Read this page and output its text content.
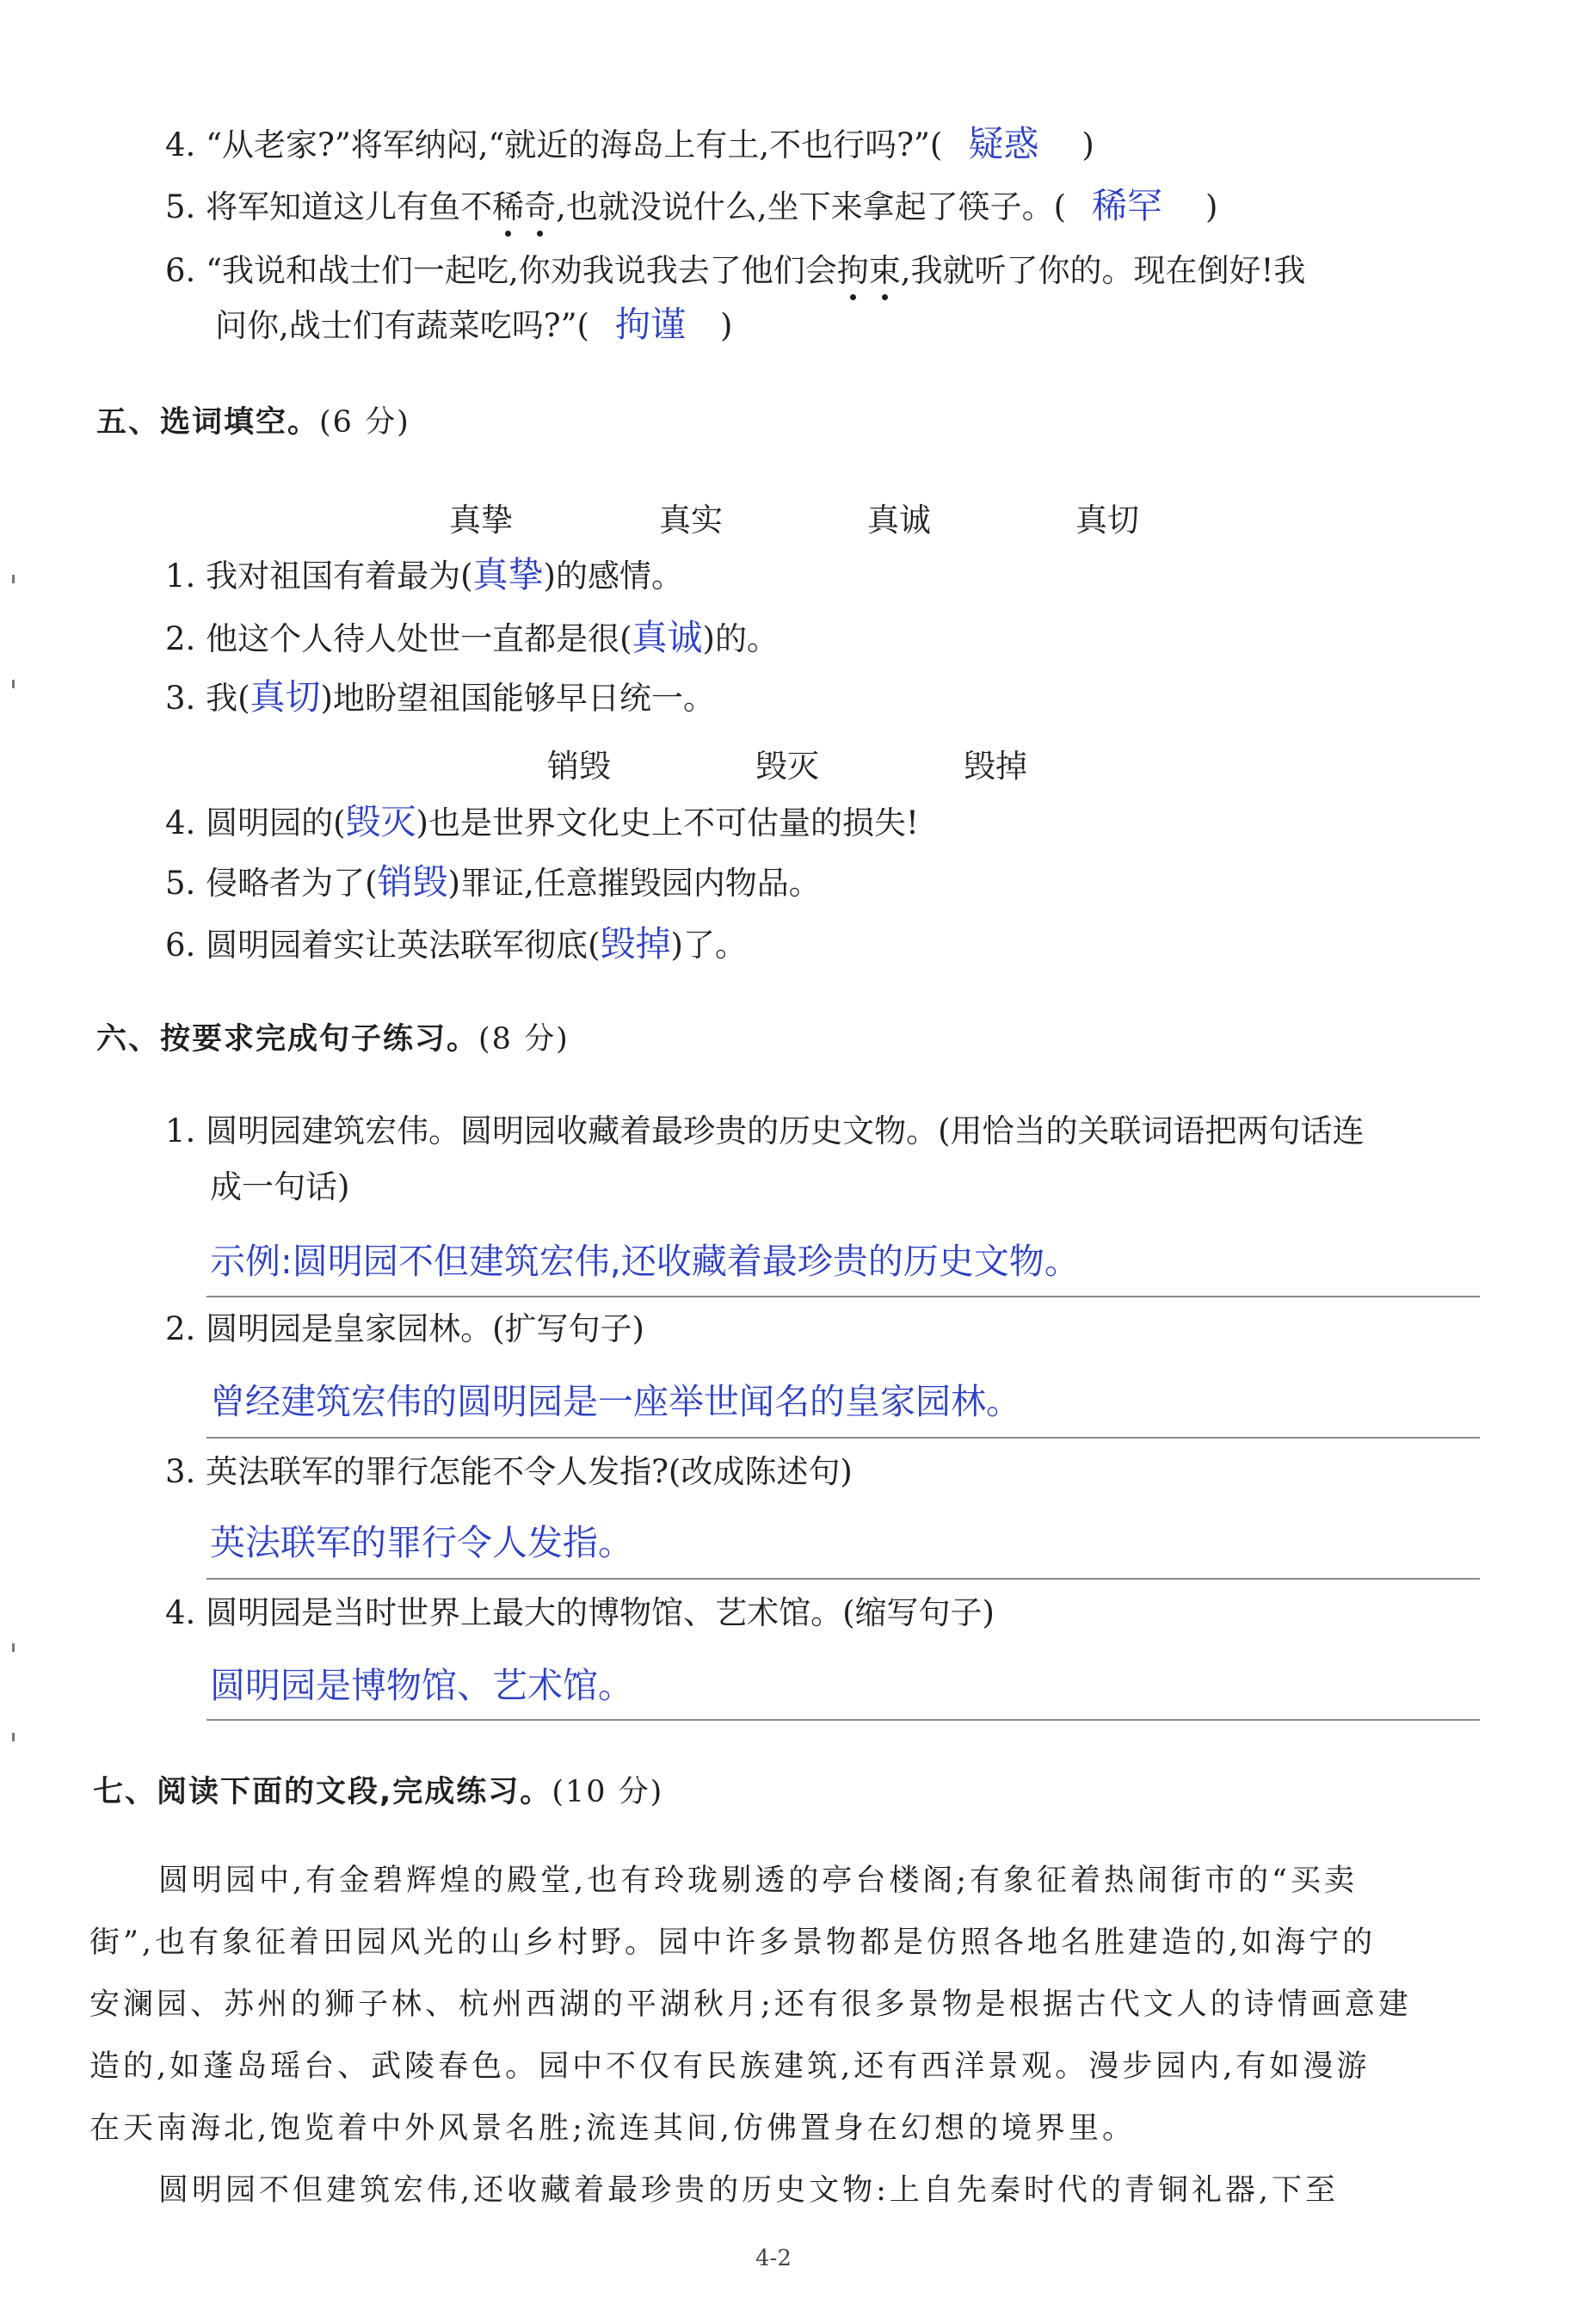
4. “从老家?”将军纳闷,“就近的海岛上有土,不也行吗?”( 疑惑 )
5. 将军知道这儿有鱼不稀奇,也就没说什么,坐下来拿起了筷子。( 稀罕 )
6. “我说和战士们一起吃,你劝我说我去了他们会拘束,我就听了你的。现在倒好!我
问你,战士们有蔬菜吃吗?”( 拘谨 )
五、选词填空。(6 分)
真挚	真实	真诚	真切
1. 我对祖国有着最为(真挚)的感情。
2. 他这个人待人处世一直都是很(真诚)的。
3. 我(真切)地盼望祖国能够早日统一。
销毁	毁灭	毁掉
4. 圆明园的(毁灭)也是世界文化史上不可估量的损失!
5. 侵略者为了(销毁)罪证,任意摧毁园内物品。
6. 圆明园着实让英法联军彻底(毁掉)了。
六、按要求完成句子练习。(8 分)
1. 圆明园建筑宏伟。圆明园收藏着最珍贵的历史文物。(用恰当的关联词语把两句话连
成一句话)
示例:圆明园不但建筑宏伟,还收藏着最珍贵的历史文物。
2. 圆明园是皇家园林。(扩写句子)
曾经建筑宏伟的圆明园是一座举世闻名的皇家园林。
3. 英法联军的罪行怎能不令人发指?(改成陈述句)
英法联军的罪行令人发指。
4. 圆明园是当时世界上最大的博物馆、艺术馆。(缩写句子)
圆明园是博物馆、艺术馆。
七、阅读下面的文段,完成练习。(10 分)
圆明园中,有金碧辉煌的殿堂,也有玲珑剔透的亭台楼阁;有象征着热闹街市的“买卖
街”,也有象征着田园风光的山乡村野。园中许多景物都是仿照各地名胜建造的,如海宁的
安澜园、苏州的狮子林、杭州西湖的平湖秋月;还有很多景物是根据古代文人的诗情画意建
造的,如蓬岛瑶台、武陵春色。园中不仅有民族建筑,还有西洋景观。漫步园内,有如漫游
在天南海北,饱览着中外风景名胜;流连其间,仿佛置身在幻想的境界里。
圆明园不但建筑宏伟,还收藏着最珍贵的历史文物:上自先秦时代的青铜礼器,下至
4-2
